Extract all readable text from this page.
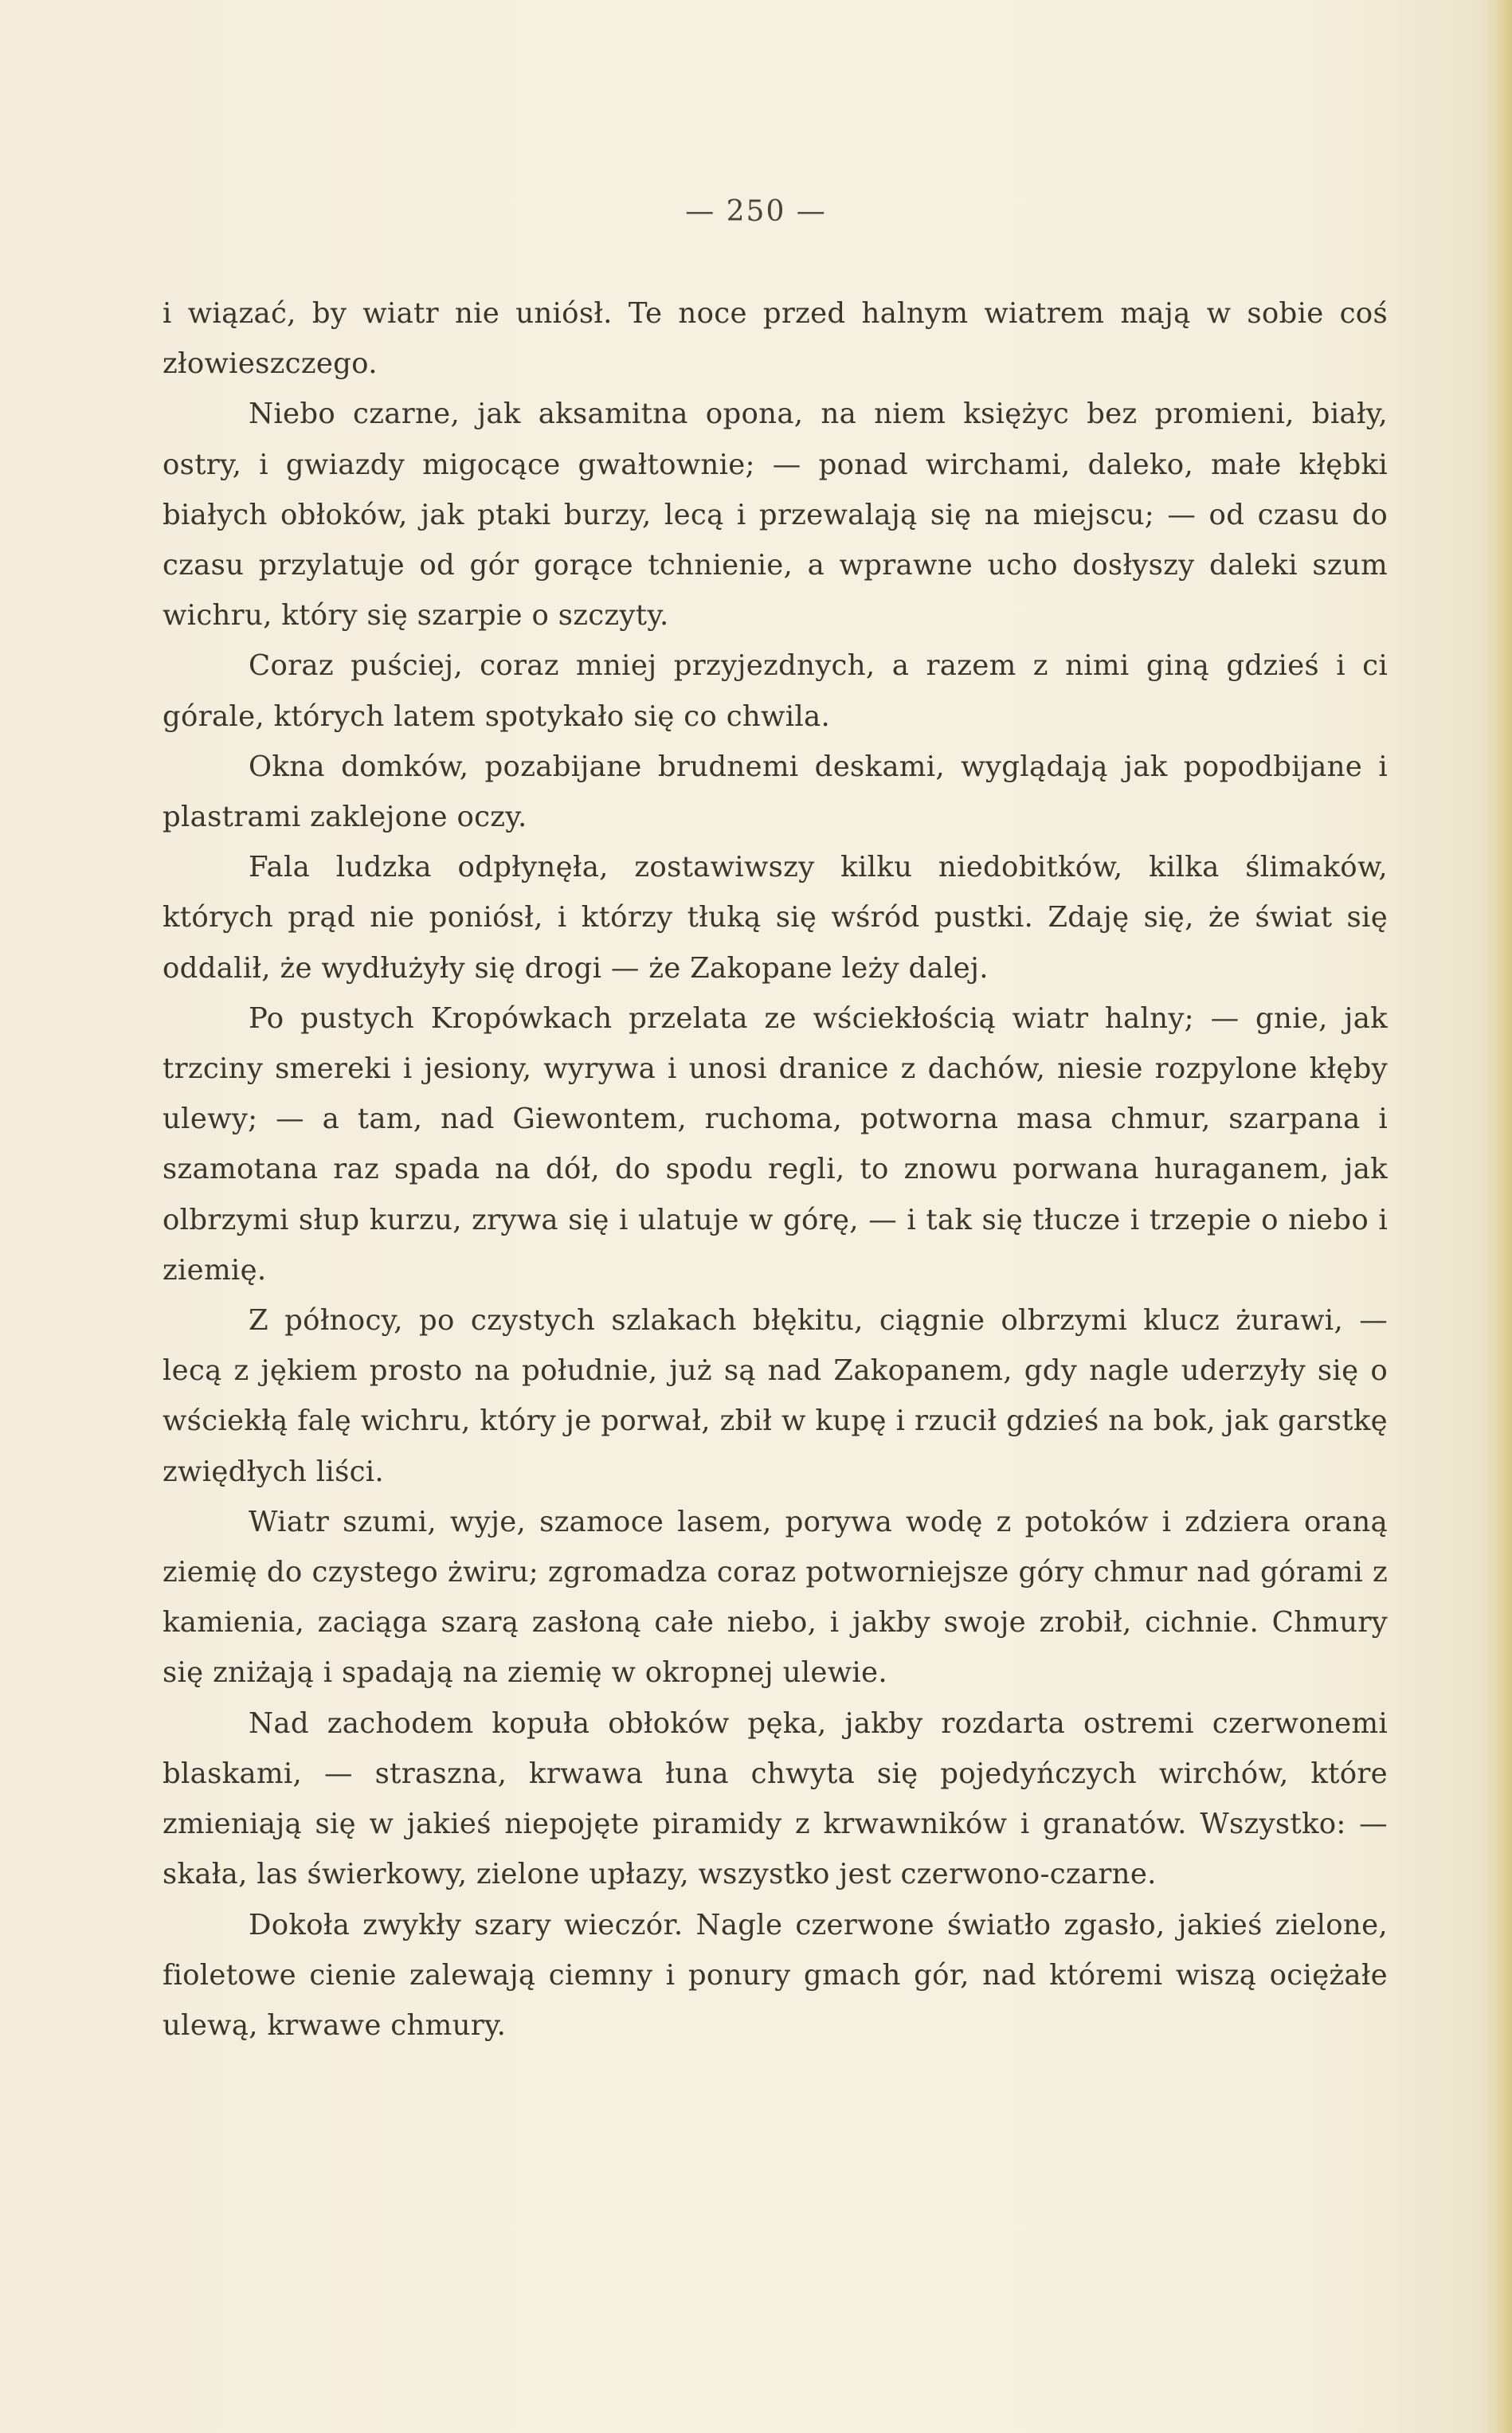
— 250 —

i wiązać, by wiatr nie uniósł. Te noce przed halnym wiatrem mają w sobie coś złowieszczego.

Niebo czarne, jak aksamitna opona, na niem księżyc bez promieni, biały, ostry, i gwiazdy migocące gwałtownie; — ponad wirchami, daleko, małe kłębki białych obłoków, jak ptaki burzy, lecą i przewalają się na miejscu; — od czasu do czasu przylatuje od gór gorące tchnienie, a wprawne ucho dosłyszy daleki szum wichru, który się szarpie o szczyty.

Coraz puściej, coraz mniej przyjezdnych, a razem z nimi giną gdzieś i ci górale, których latem spotykało się co chwila.

Okna domków, pozabijane brudnemi deskami, wyglądają jak popodbijane i plastrami zaklejone oczy.

Fala ludzka odpłynęła, zostawiwszy kilku niedobitków, kilka ślimaków, których prąd nie poniósł, i którzy tłuką się wśród pustki. Zdaję się, że świat się oddalił, że wydłużyły się drogi — że Zakopane leży dalej.

Po pustych Kropówkach przelata ze wściekłością wiatr halny; — gnie, jak trzciny smereki i jesiony, wyrywa i unosi dranice z dachów, niesie rozpylone kłęby ulewy; — a tam, nad Giewontem, ruchoma, potworna masa chmur, szarpana i szamotana raz spada na dół, do spodu regli, to znowu porwana huraganem, jak olbrzymi słup kurzu, zrywa się i ulatuje w górę, — i tak się tłucze i trzepie o niebo i ziemię.

Z północy, po czystych szlakach błękitu, ciągnie olbrzymi klucz żurawi, — lecą z jękiem prosto na południe, już są nad Zakopanem, gdy nagle uderzyły się o wściekłą falę wichru, który je porwał, zbił w kupę i rzucił gdzieś na bok, jak garstkę zwiędłych liści.

Wiatr szumi, wyje, szamoce lasem, porywa wodę z potoków i zdziera oraną ziemię do czystego żwiru; zgromadza coraz potworniejsze góry chmur nad górami z kamienia, zaciąga szarą zasłoną całe niebo, i jakby swoje zrobił, cichnie. Chmury się zniżają i spadają na ziemię w okropnej ulewie.

Nad zachodem kopuła obłoków pęka, jakby rozdarta ostremi czerwonemi blaskami, — straszna, krwawa łuna chwyta się pojedyńczych wirchów, które zmieniają się w jakieś niepojęte piramidy z krwawników i granatów. Wszystko: — skała, las świerkowy, zielone upłazy, wszystko jest czerwono-czarne.

Dokoła zwykły szary wieczór. Nagle czerwone światło zgasło, jakieś zielone, fioletowe cienie zalewają ciemny i ponury gmach gór, nad któremi wiszą ociężałe ulewą, krwawe chmury.
